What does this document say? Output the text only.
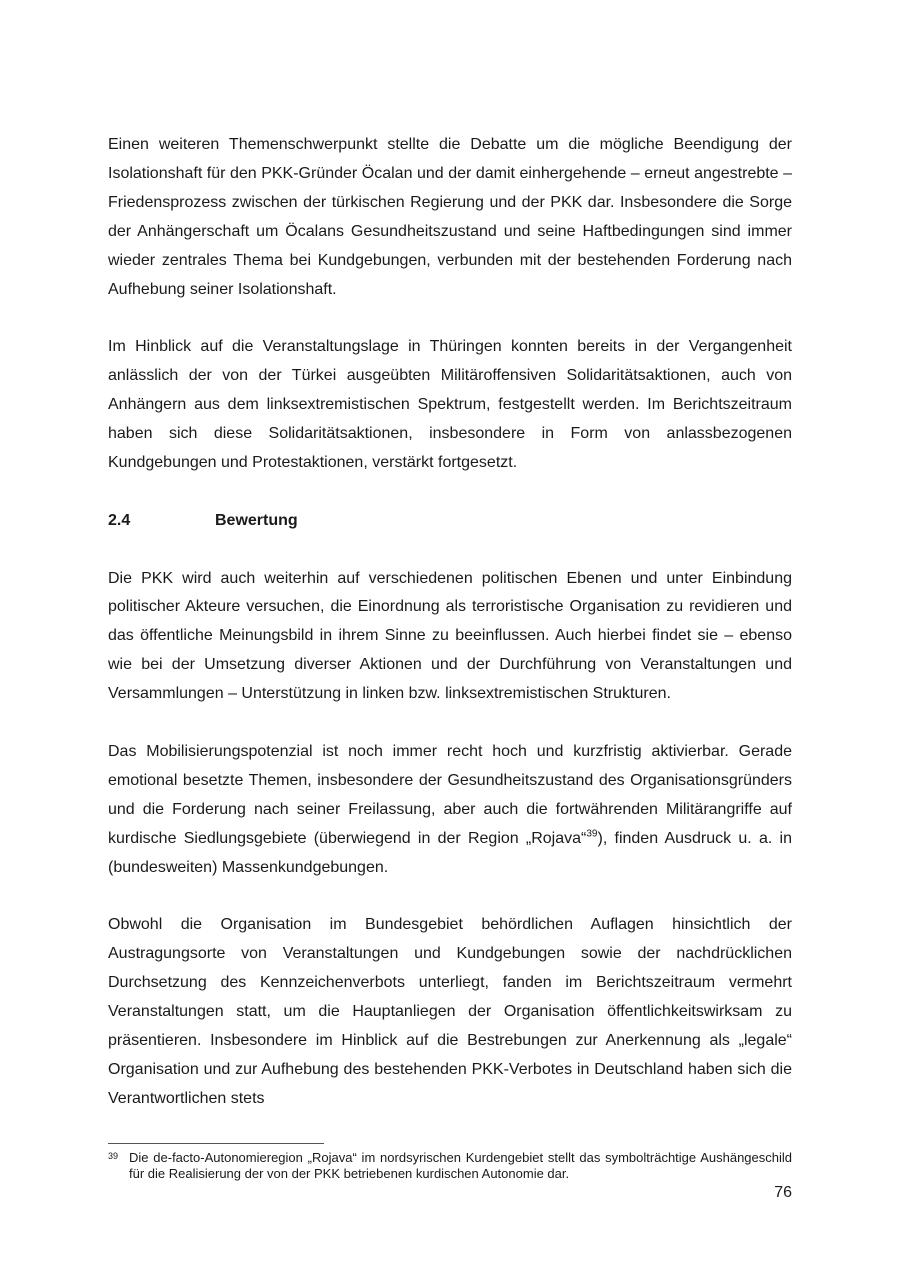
Einen weiteren Themenschwerpunkt stellte die Debatte um die mögliche Beendigung der Isolationshaft für den PKK-Gründer Öcalan und der damit einhergehende – erneut angestrebte – Friedensprozess zwischen der türkischen Regierung und der PKK dar. Insbesondere die Sorge der Anhängerschaft um Öcalans Gesundheitszustand und seine Haftbedingungen sind immer wieder zentrales Thema bei Kundgebungen, verbunden mit der bestehenden Forderung nach Aufhebung seiner Isolationshaft.

Im Hinblick auf die Veranstaltungslage in Thüringen konnten bereits in der Vergangenheit anlässlich der von der Türkei ausgeübten Militäroffensiven Solidaritätsaktionen, auch von Anhängern aus dem linksextremistischen Spektrum, festgestellt werden. Im Berichtszeitraum haben sich diese Solidaritätsaktionen, insbesondere in Form von anlassbezogenen Kundgebungen und Protestaktionen, verstärkt fortgesetzt.

2.4	Bewertung

Die PKK wird auch weiterhin auf verschiedenen politischen Ebenen und unter Einbindung politischer Akteure versuchen, die Einordnung als terroristische Organisation zu revidieren und das öffentliche Meinungsbild in ihrem Sinne zu beeinflussen. Auch hierbei findet sie – ebenso wie bei der Umsetzung diverser Aktionen und der Durchführung von Veranstaltungen und Versammlungen – Unterstützung in linken bzw. linksextremistischen Strukturen.

Das Mobilisierungspotenzial ist noch immer recht hoch und kurzfristig aktivierbar. Gerade emotional besetzte Themen, insbesondere der Gesundheitszustand des Organisationsgründers und die Forderung nach seiner Freilassung, aber auch die fortwährenden Militärangriffe auf kurdische Siedlungsgebiete (überwiegend in der Region „Rojava“$^{39}$), finden Ausdruck u. a. in (bundesweiten) Massenkundgebungen.

Obwohl die Organisation im Bundesgebiet behördlichen Auflagen hinsichtlich der Austragungsorte von Veranstaltungen und Kundgebungen sowie der nachdrücklichen Durchsetzung des Kennzeichenverbots unterliegt, fanden im Berichtszeitraum vermehrt Veranstaltungen statt, um die Hauptanliegen der Organisation öffentlichkeitswirksam zu präsentieren. Insbesondere im Hinblick auf die Bestrebungen zur Anerkennung als „legale“ Organisation und zur Aufhebung des bestehenden PKK-Verbotes in Deutschland haben sich die Verantwortlichen stets

39 Die de-facto-Autonomieregion „Rojava“ im nordsyrischen Kurdengebiet stellt das symbolträchtige Aushängeschild für die Realisierung der von der PKK betriebenen kurdischen Autonomie dar.
76
